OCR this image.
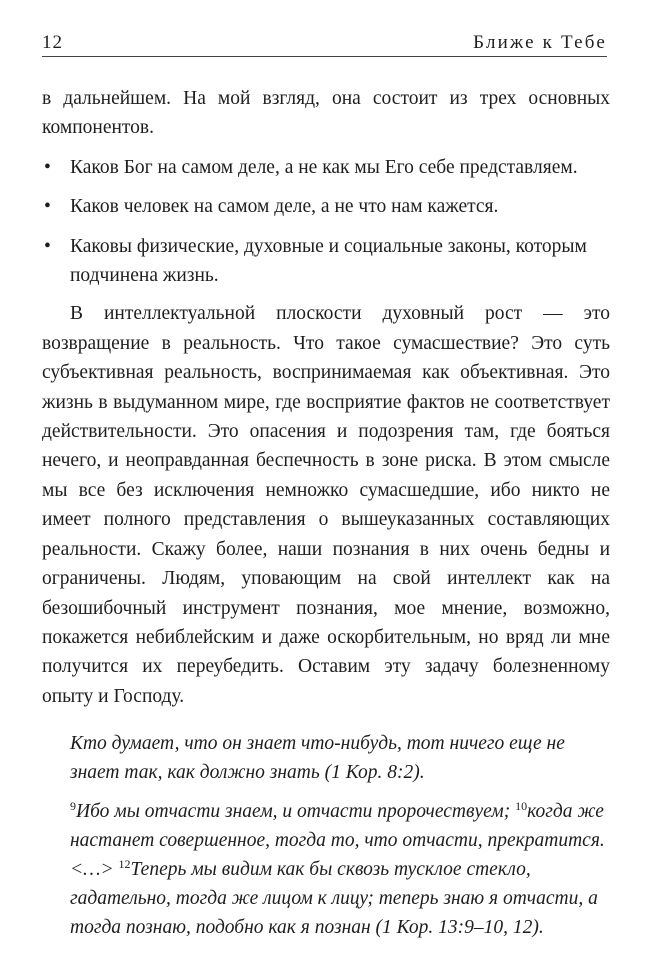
12	Ближе к Тебе

в дальнейшем. На мой взгляд, она состоит из трех основных компонентов.

• Каков Бог на самом деле, а не как мы Его себе представляем.
• Каков человек на самом деле, а не что нам кажется.
• Каковы физические, духовные и социальные законы, которым подчинена жизнь.

В интеллектуальной плоскости духовный рост — это возвращение в реальность. Что такое сумасшествие? Это суть субъективная реальность, воспринимаемая как объективная. Это жизнь в выдуманном мире, где восприятие фактов не соответствует действительности. Это опасения и подозрения там, где бояться нечего, и неоправданная беспечность в зоне риска. В этом смысле мы все без исключения немножко сумасшедшие, ибо никто не имеет полного представления о вышеуказанных составляющих реальности. Скажу более, наши познания в них очень бедны и ограничены. Людям, уповающим на свой интеллект как на безошибочный инструмент познания, мое мнение, возможно, покажется небиблейским и даже оскорбительным, но вряд ли мне получится их переубедить. Оставим эту задачу болезненному опыту и Господу.

Кто думает, что он знает что-нибудь, тот ничего еще не знает так, как должно знать (1 Кор. 8:2).

$^9$Ибо мы отчасти знаем, и отчасти пророчествуем; $^{10}$когда же настанет совершенное, тогда то, что отчасти, прекратится. <…> $^{12}$Теперь мы видим как бы сквозь тусклое стекло, гадательно, тогда же лицом к лицу; теперь знаю я отчасти, а тогда познаю, подобно как я познан (1 Кор. 13:9–10, 12).
